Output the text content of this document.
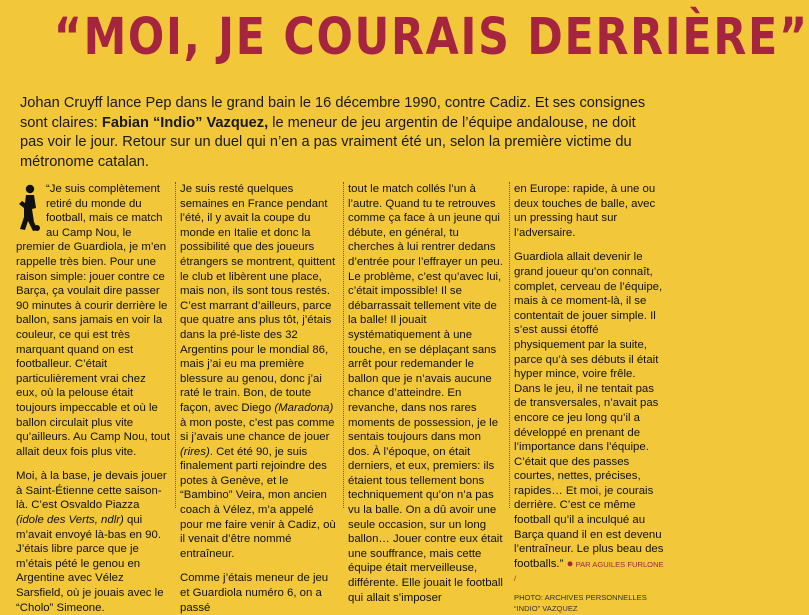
“MOI, JE COURAIS DERRIÈRE”
Johan Cruyff lance Pep dans le grand bain le 16 décembre 1990, contre Cadiz. Et ses consignes sont claires: Fabian “Indio” Vazquez, le meneur de jeu argentin de l’équipe andalouse, ne doit pas voir le jour. Retour sur un duel qui n’en a pas vraiment été un, selon la première victime du métronome catalan.

“Je suis complètement retiré du monde du football, mais ce match au Camp Nou, le premier de Guardiola, je m’en rappelle très bien. Pour une raison simple: jouer contre ce Barça, ça voulait dire passer 90 minutes à courir derrière le ballon, sans jamais en voir la couleur, ce qui est très marquant quand on est footballeur. C’était particulièrement vrai chez eux, où la pelouse était toujours impeccable et où le ballon circulait plus vite qu’ailleurs. Au Camp Nou, tout allait deux fois plus vite.

Moi, à la base, je devais jouer à Saint-Étienne cette saison-là. C’est Osvaldo Piazza (idole des Verts, ndlr) qui m’avait envoyé là-bas en 90. J’étais libre parce que je m’étais pété le genou en Argentine avec Vélez Sarsfield, où je jouais avec le “Cholo” Simeone.

Je suis resté quelques semaines en France pendant l’été, il y avait la coupe du monde en Italie et donc la possibilité que des joueurs étrangers se montrent, quittent le club et libèrent une place, mais non, ils sont tous restés. C’est marrant d’ailleurs, parce que quatre ans plus tôt, j’étais dans la pré-liste des 32 Argentins pour le mondial 86, mais j’ai eu ma première blessure au genou, donc j’ai raté le train. Bon, de toute façon, avec Diego (Maradona) à mon poste, c’est pas comme si j’avais une chance de jouer (rires). Cet été 90, je suis finalement parti rejoindre des potes à Genève, et le “Bambino” Veira, mon ancien coach à Vélez, m’a appelé pour me faire venir à Cadiz, où il venait d’être nommé entraîneur.

Comme j’étais meneur de jeu et Guardiola numéro 6, on a passé

tout le match collés l’un à l’autre. Quand tu te retrouves comme ça face à un jeune qui débute, en général, tu cherches à lui rentrer dedans d’entrée pour l’effrayer un peu. Le problème, c’est qu’avec lui, c’était impossible! Il se débarrassait tellement vite de la balle! Il jouait systématiquement à une touche, en se déplaçant sans arrêt pour redemander le ballon que je n’avais aucune chance d’atteindre. En revanche, dans nos rares moments de possession, je le sentais toujours dans mon dos. À l’époque, on était derniers, et eux, premiers: ils étaient tous tellement bons techniquement qu’on n’a pas vu la balle. On a dû avoir une seule occasion, sur un long ballon… Jouer contre eux était une souffrance, mais cette équipe était merveilleuse, différente. Elle jouait le football qui allait s’imposer

en Europe: rapide, à une ou deux touches de balle, avec un pressing haut sur l’adversaire.

Guardiola allait devenir le grand joueur qu’on connaît, complet, cerveau de l’équipe, mais à ce moment-là, il se contentait de jouer simple. Il s’est aussi étoffé physiquement par la suite, parce qu’à ses débuts il était hyper mince, voire frêle. Dans le jeu, il ne tentait pas de transversales, n’avait pas encore ce jeu long qu’il a développé en prenant de l’importance dans l’équipe. C’était que des passes courtes, nettes, précises, rapides… Et moi, je courais derrière. C’est ce même football qu’il a inculqué au Barça quand il en est devenu l’entraîneur. Le plus beau des footballs.” ● PAR AGUILES FURLONE /

PHOTO: ARCHIVES PERSONNELLES “INDIO” VAZQUEZ
